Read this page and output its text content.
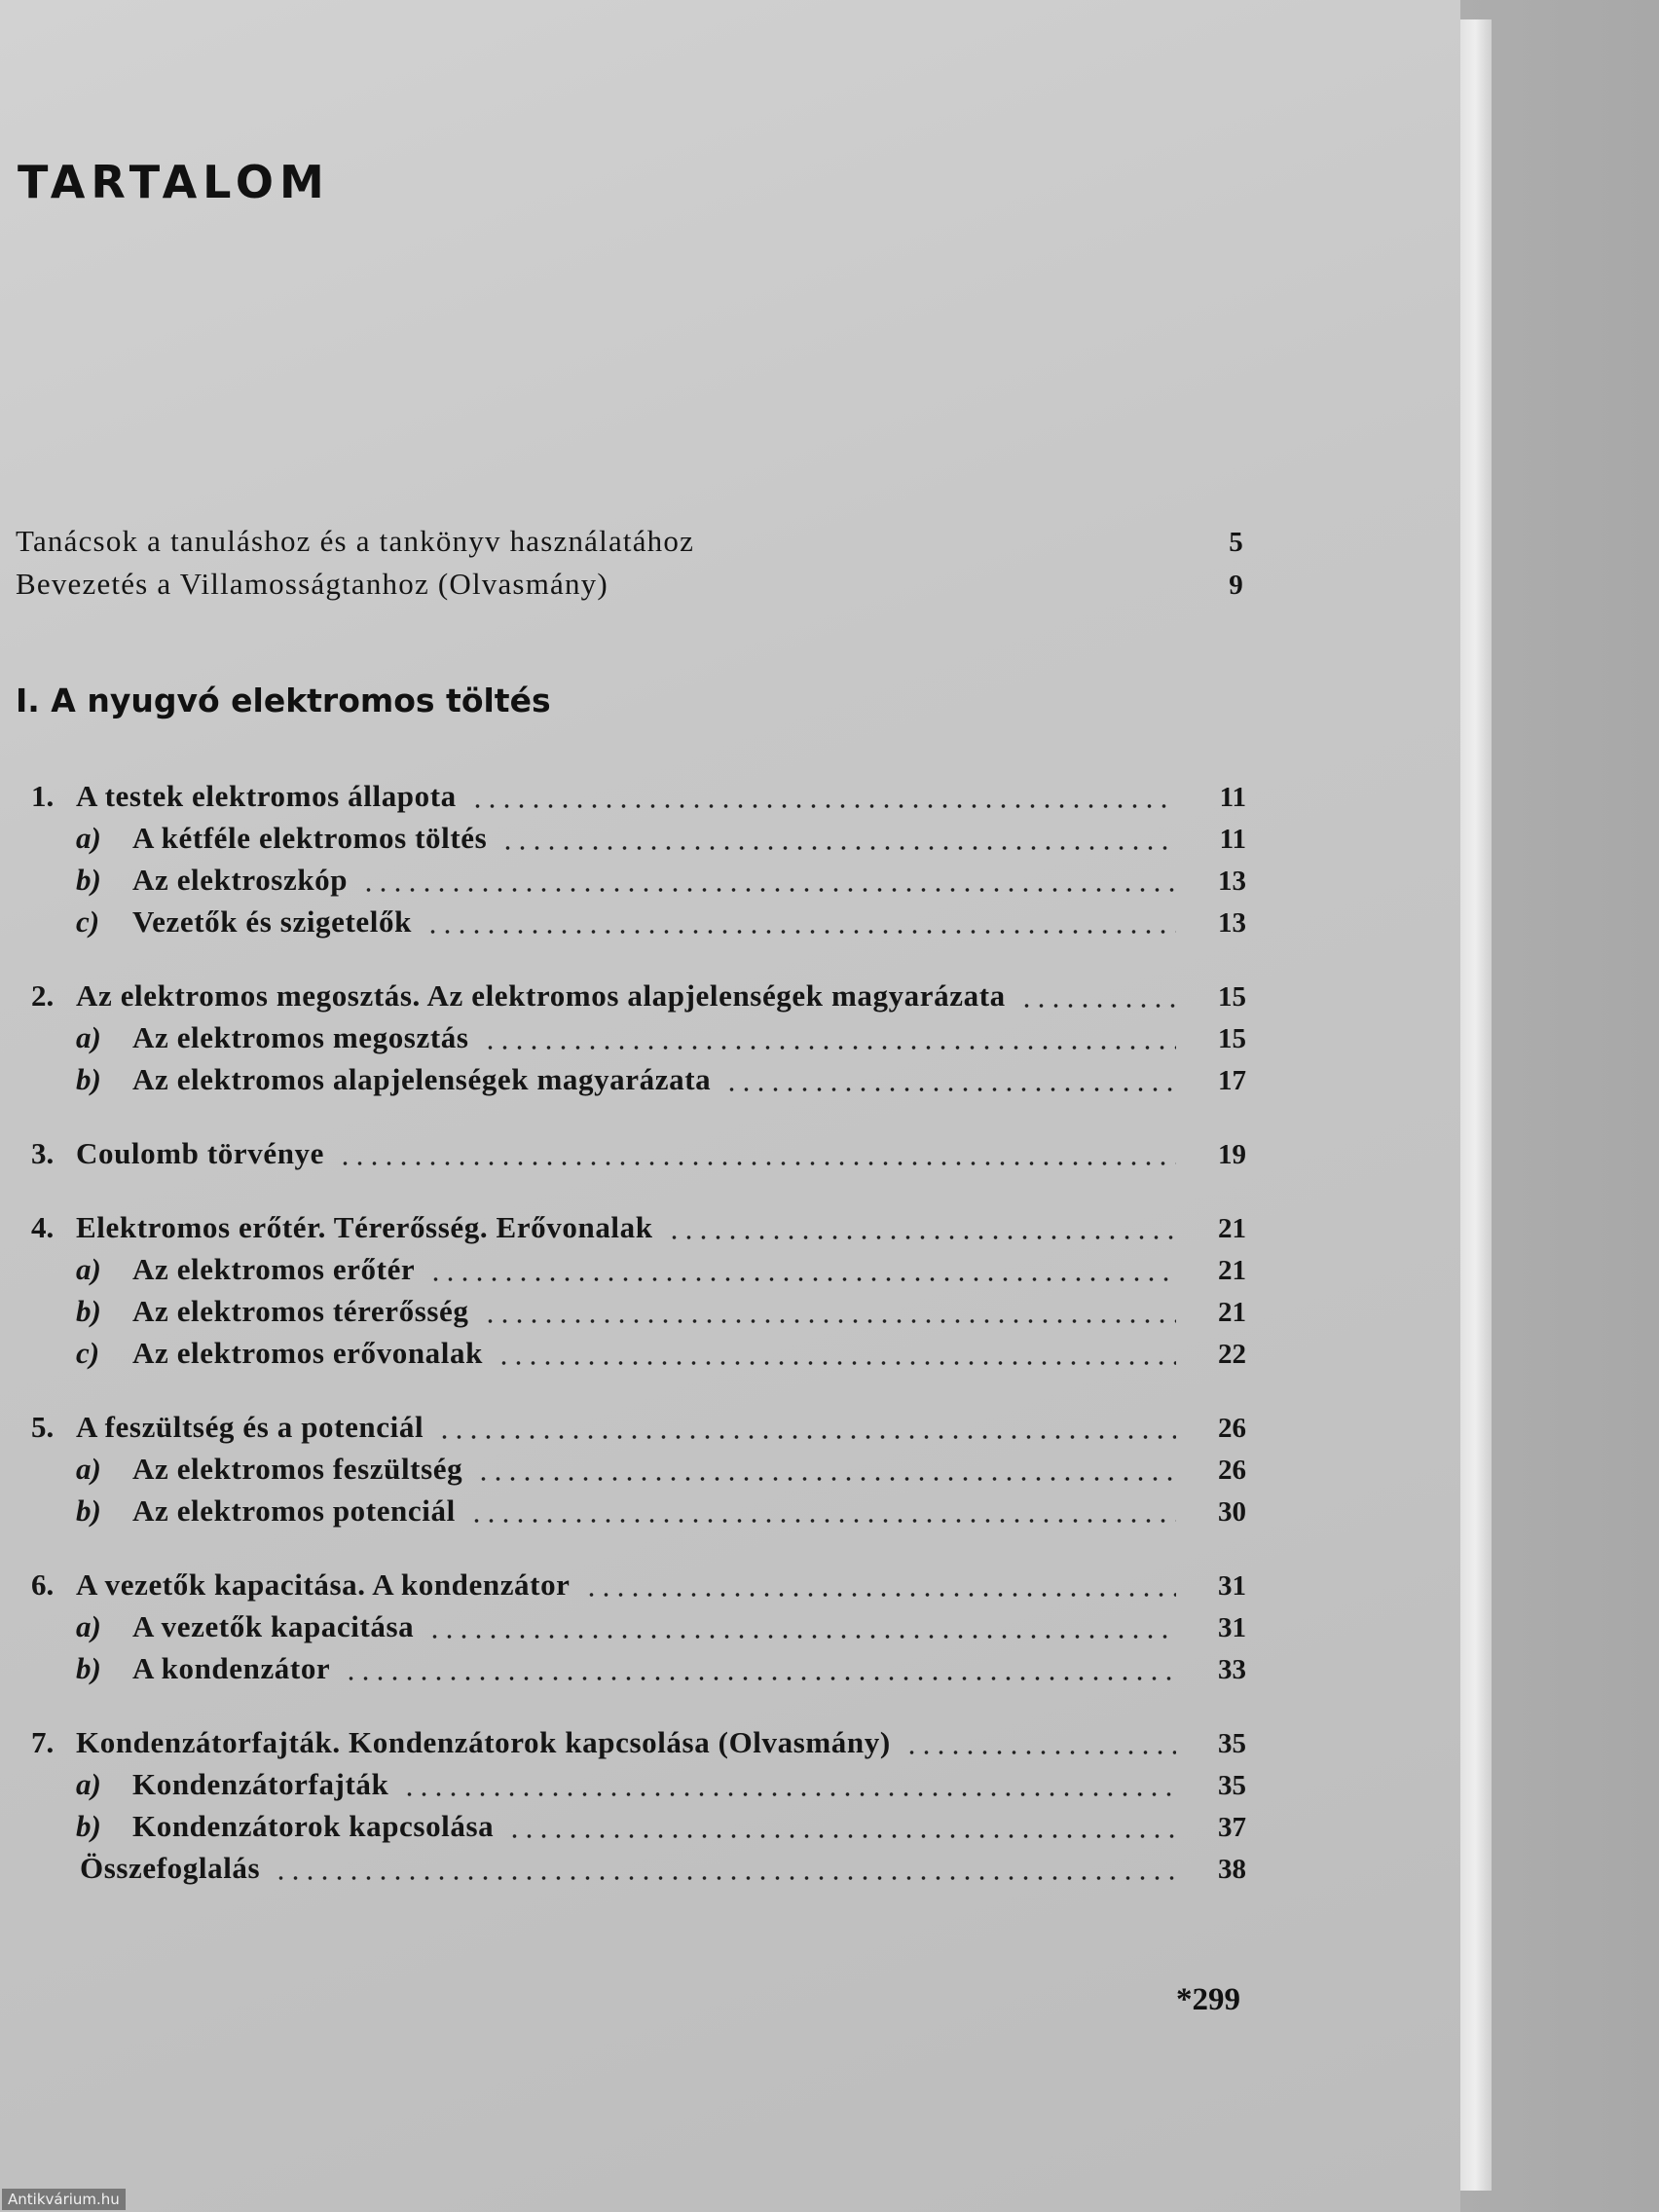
TARTALOM
Tanácsok a tanuláshoz és a tankönyv használatához	5
Bevezetés a Villamosságtanhoz (Olvasmány)	9
I. A nyugvó elektromos töltés
1. A testek elektromos állapota	11
a)	A kétféle elektromos töltés	11
b)	Az elektroszkóp	13
c)	Vezetők és szigetelők	13
2. Az elektromos megosztás. Az elektromos alapjelenségek magyarázata	15
a)	Az elektromos megosztás	15
b)	Az elektromos alapjelenségek magyarázata	17
3. Coulomb törvénye	19
4. Elektromos erőtér. Térerősség. Erővonalak	21
a)	Az elektromos erőtér	21
b)	Az elektromos térerősség	21
c)	Az elektromos erővonalak	22
5. A feszültség és a potenciál	26
a)	Az elektromos feszültség	26
b)	Az elektromos potenciál	30
6. A vezetők kapacitása. A kondenzátor	31
a)	A vezetők kapacitása	31
b)	A kondenzátor	33
7. Kondenzátorfajták. Kondenzátorok kapcsolása (Olvasmány)	35
a)	Kondenzátorfajták	35
b)	Kondenzátorok kapcsolása	37
Összefoglalás	38
*299
Antikvárium.hu
